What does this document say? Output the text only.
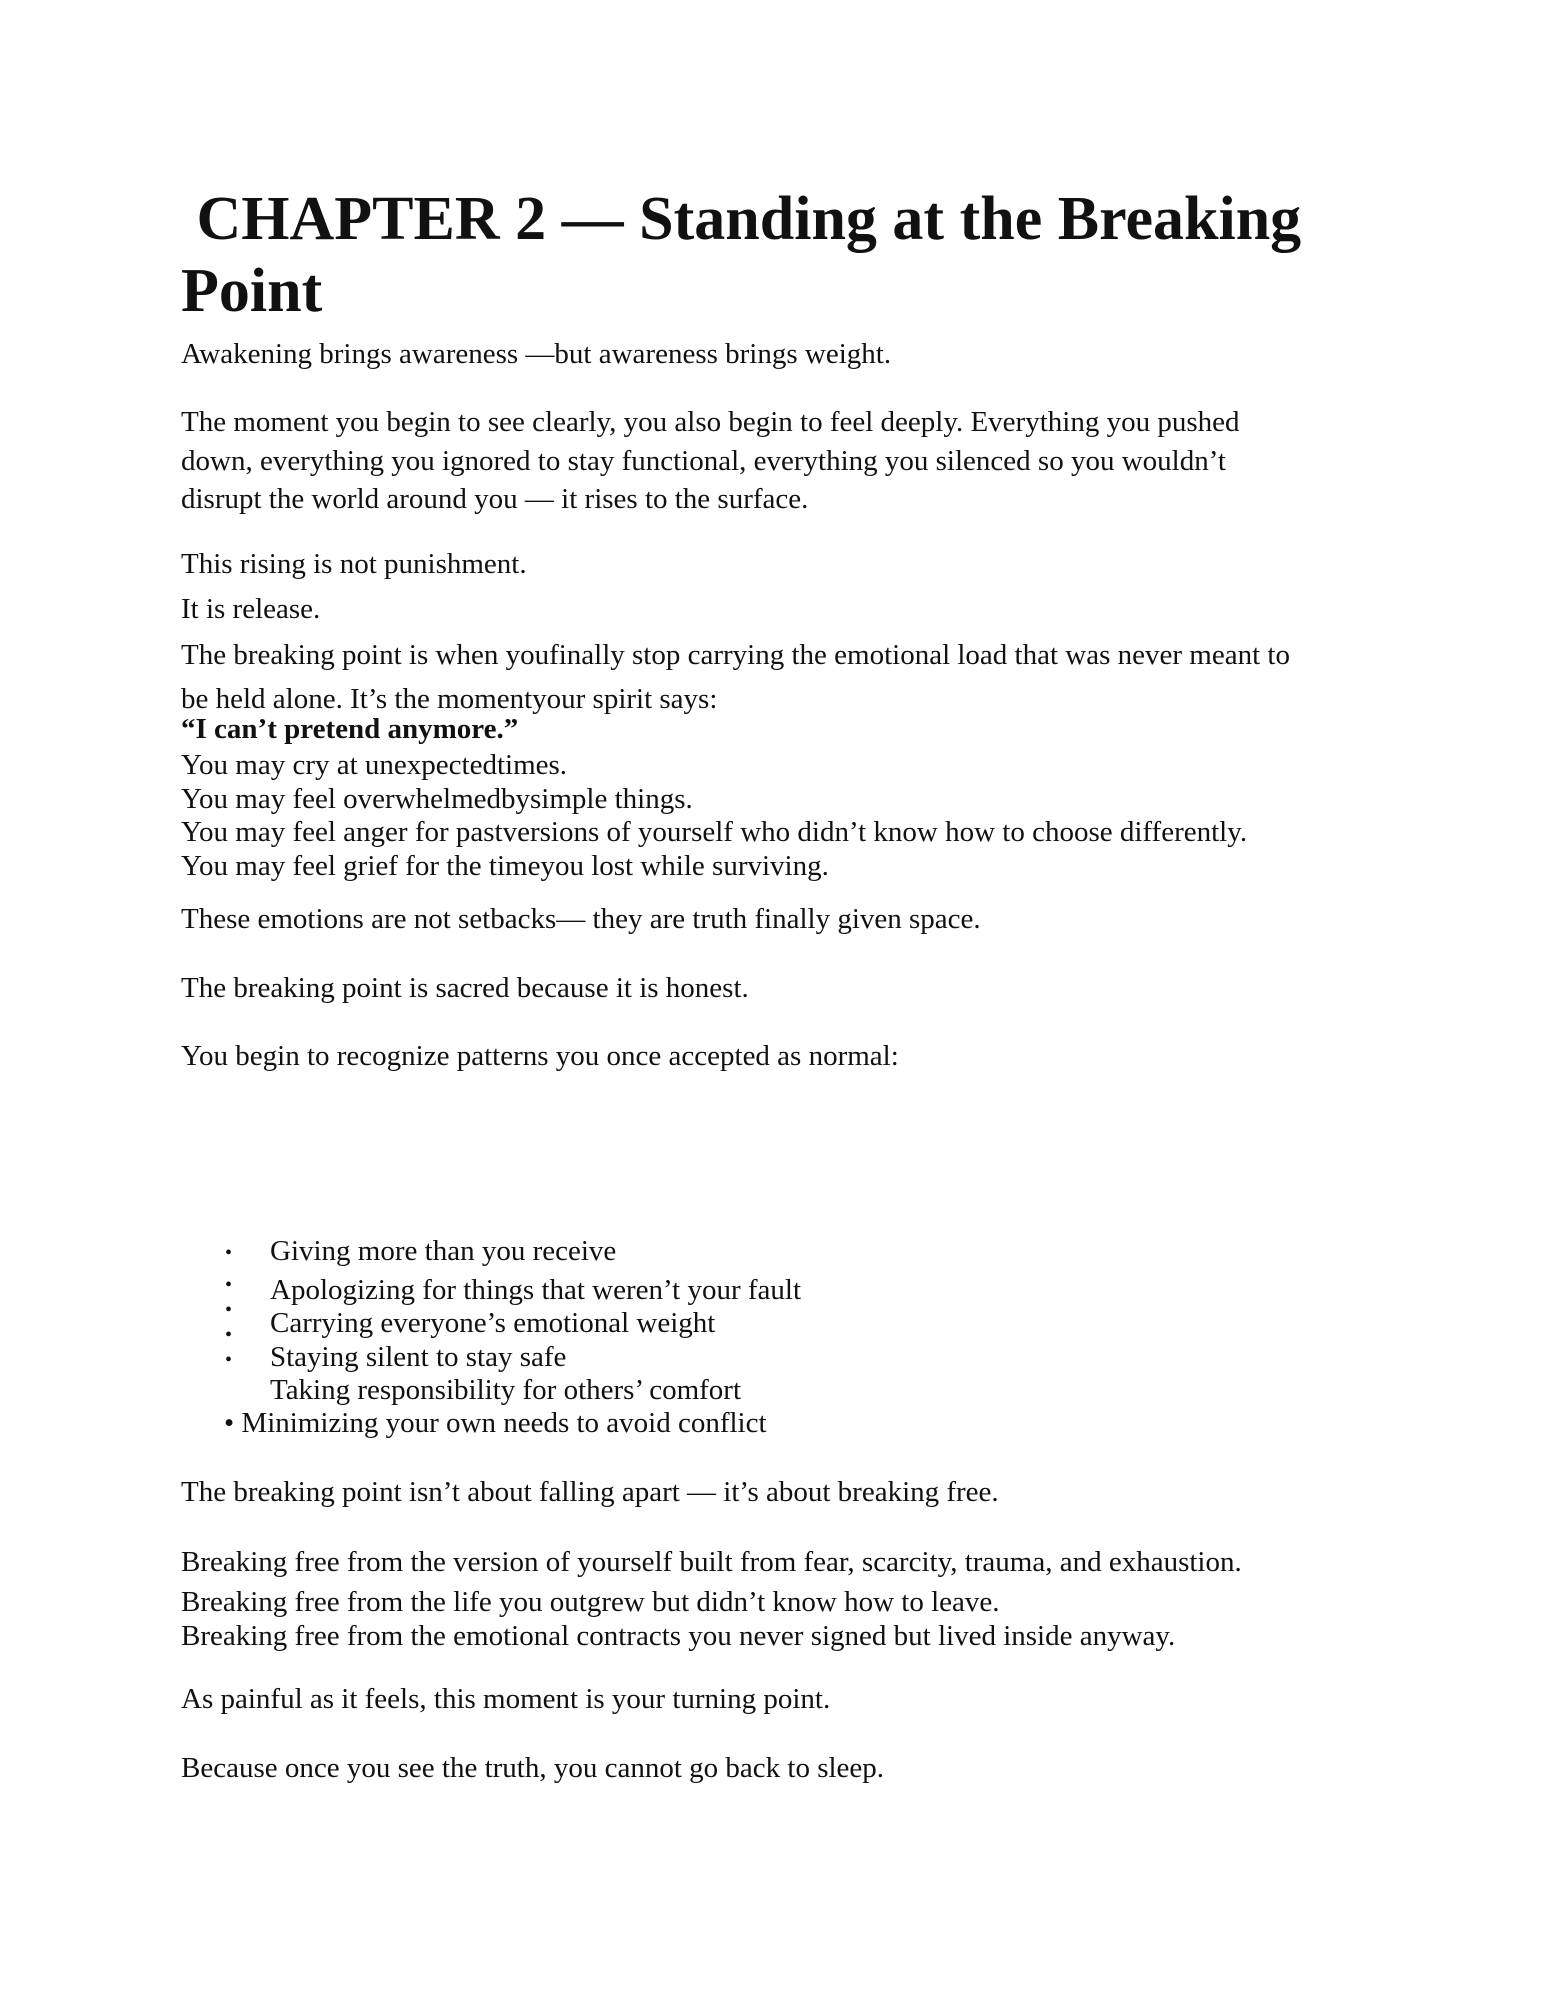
CHAPTER 2 — Standing at the Breaking
Point
Awakening brings awareness —but awareness brings weight.
The moment you begin to see clearly, you also begin to feel deeply. Everything you pushed
down, everything you ignored to stay functional, everything you silenced so you wouldn’t
disrupt the world around you — it rises to the surface.
This rising is not punishment.
It is release.
The breaking point is when youfinally stop carrying the emotional load that was never meant to
be held alone. It’s the momentyour spirit says:
“I can’t pretend anymore.”
You may cry at unexpectedtimes.
You may feel overwhelmedbysimple things.
You may feel anger for pastversions of yourself who didn’t know how to choose differently.
You may feel grief for the timeyou lost while surviving.
These emotions are not setbacks— they are truth finally given space.
The breaking point is sacred because it is honest.
You begin to recognize patterns you once accepted as normal:
•
•
•
•
•
Giving more than you receive
Apologizing for things that weren’t your fault
Carrying everyone’s emotional weight
Staying silent to stay safe
Taking responsibility for others’ comfort
• Minimizing your own needs to avoid conflict
The breaking point isn’t about falling apart — it’s about breaking free.
Breaking free from the version of yourself built from fear, scarcity, trauma, and exhaustion.
Breaking free from the life you outgrew but didn’t know how to leave.
Breaking free from the emotional contracts you never signed but lived inside anyway.
As painful as it feels, this moment is your turning point.
Because once you see the truth, you cannot go back to sleep.
